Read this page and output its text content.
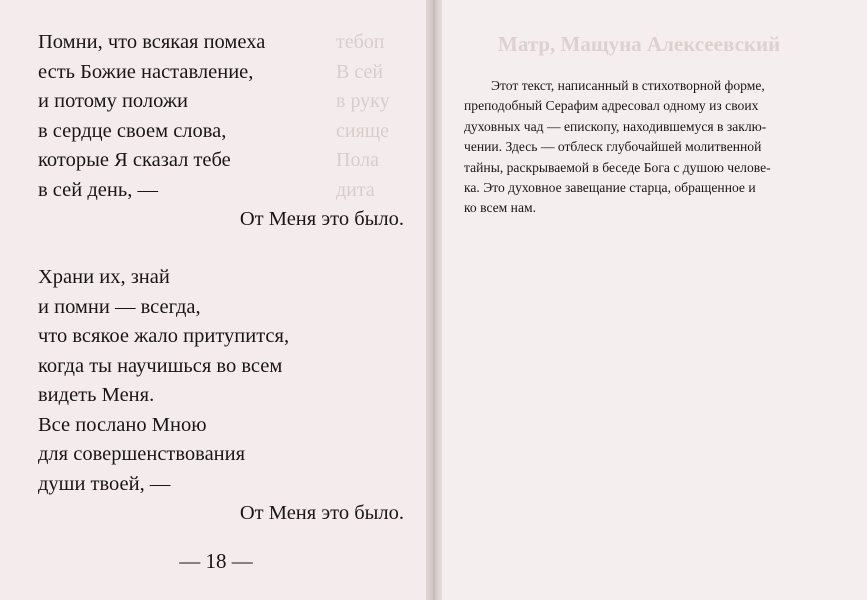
тебоп
В сей
в руку
сияще
Пола
дита
Матр, Мащуна Алексеевский
Помни, что всякая помеха
есть Божие наставление,
и потому положи
в сердце своем слова,
которые Я сказал тебе
в сей день, —
От Меня это было.
Храни их, знай
и помни — всегда,
что всякое жало притупится,
когда ты научишься во всем
видеть Меня.
Все послано Мною
для совершенствования
души твоей, —
От Меня это было.
— 18 —
Этот текст, написанный в стихотворной форме,
преподобный Серафим адресовал одному из своих
духовных чад — епископу, находившемуся в заклю-
чении. Здесь — отблеск глубочайшей молитвенной
тайны, раскрываемой в беседе Бога с душою челове-
ка. Это духовное завещание старца, обращенное и
ко всем нам.
